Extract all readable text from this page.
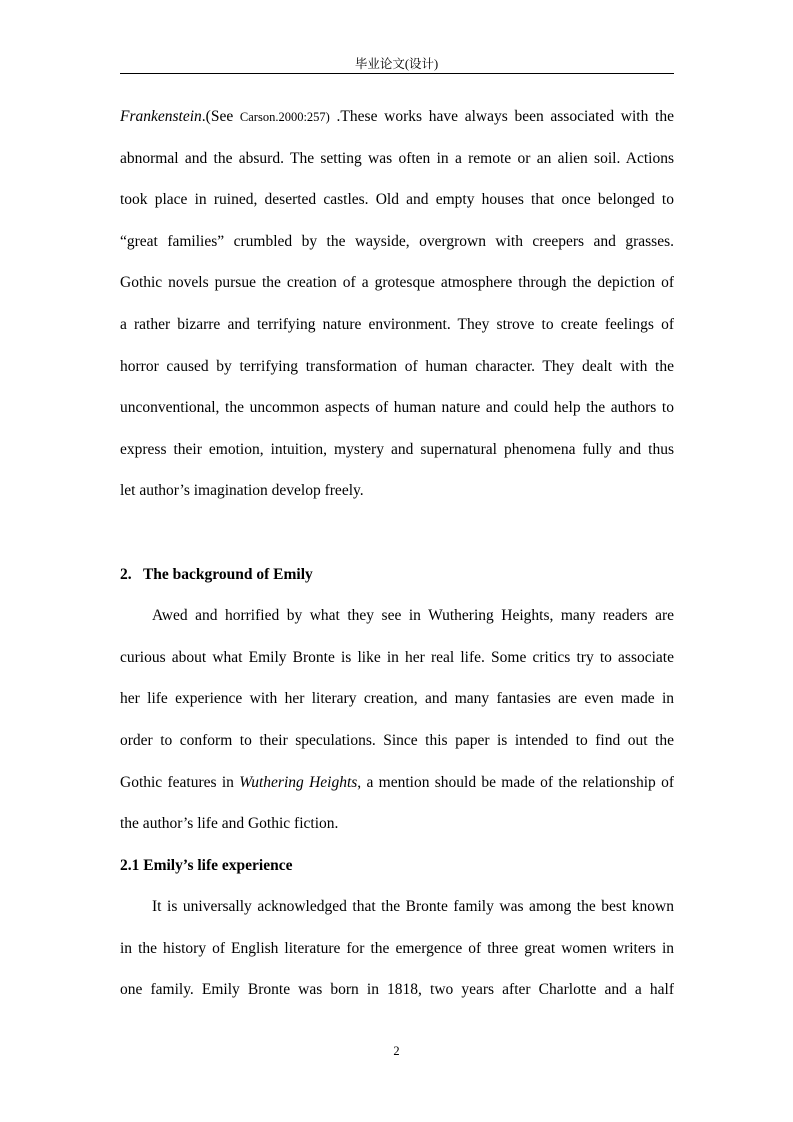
毕业论文(设计)
Frankenstein.(See Carson.2000:257) .These works have always been associated with the
abnormal and the absurd. The setting was often in a remote or an alien soil. Actions
took place in ruined, deserted castles. Old and empty houses that once belonged to
“great families” crumbled by the wayside, overgrown with creepers and grasses.
Gothic novels pursue the creation of a grotesque atmosphere through the depiction of
a rather bizarre and terrifying nature environment. They strove to create feelings of
horror caused by terrifying transformation of human character. They dealt with the
unconventional, the uncommon aspects of human nature and could help the authors to
express their emotion, intuition, mystery and supernatural phenomena fully and thus
let author’s imagination develop freely.
2.   The background of Emily
Awed and horrified by what they see in Wuthering Heights, many readers are
curious about what Emily Bronte is like in her real life. Some critics try to associate
her life experience with her literary creation, and many fantasies are even made in
order to conform to their speculations. Since this paper is intended to find out the
Gothic features in Wuthering Heights, a mention should be made of the relationship of
the author’s life and Gothic fiction.
2.1 Emily’s life experience
It is universally acknowledged that the Bronte family was among the best known
in the history of English literature for the emergence of three great women writers in
one family. Emily Bronte was born in 1818, two years after Charlotte and a half
2
